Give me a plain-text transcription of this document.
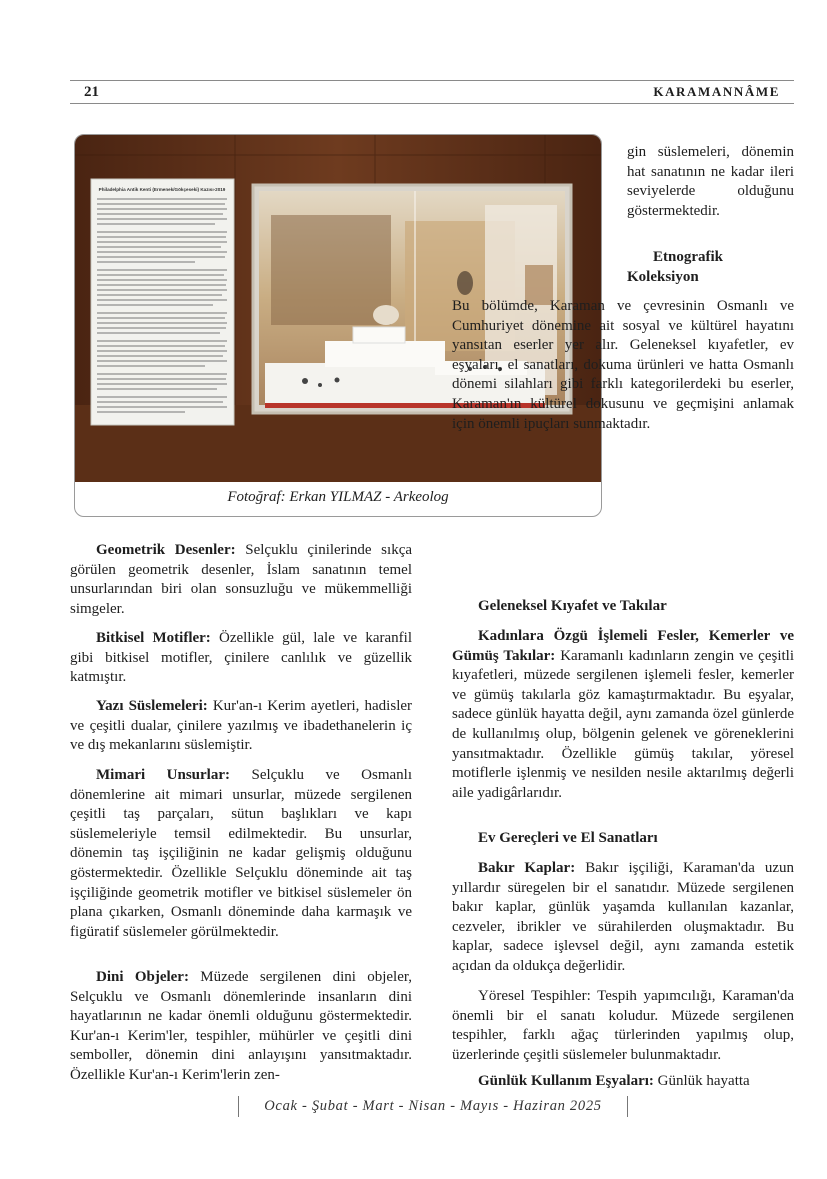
21	KARAMANNÂME
Philadelphia Antik Kenti (Ermenek/Gökçeseki) Kazısı-2019
Fotoğraf: Erkan YILMAZ - Arkeolog

gin süslemeleri, dönemin hat sanatının ne kadar ileri seviyelerde olduğunu göstermektedir.

Etnografik Koleksiyon

Bu bölümde, Karaman ve çevresinin Osmanlı ve Cumhuriyet dönemine ait sosyal ve kültürel hayatını yansıtan eserler yer alır. Geleneksel kıyafetler, ev eşyaları, el sanatları, dokuma ürünleri ve hatta Osmanlı dönemi silahları gibi farklı kategorilerdeki bu eserler, Karaman'ın kültürel dokusunu ve geçmişini anlamak için önemli ipuçları sunmaktadır.

Geometrik Desenler: Selçuklu çinilerinde sıkça görülen geometrik desenler, İslam sanatının temel unsurlarından biri olan sonsuzluğu ve mükemmelliği simgeler.

Bitkisel Motifler: Özellikle gül, lale ve karanfil gibi bitkisel motifler, çinilere canlılık ve güzellik katmıştır.

Yazı Süslemeleri: Kur'an-ı Kerim ayetleri, hadisler ve çeşitli dualar, çinilere yazılmış ve ibadethanelerin iç ve dış mekanlarını süslemiştir.

Mimari Unsurlar: Selçuklu ve Osmanlı dönemlerine ait mimari unsurlar, müzede sergilenen çeşitli taş parçaları, sütun başlıkları ve kapı süslemeleriyle temsil edilmektedir. Bu unsurlar, dönemin taş işçiliğinin ne kadar gelişmiş olduğunu göstermektedir. Özellikle Selçuklu döneminde ait taş işçiliğinde geometrik motifler ve bitkisel süslemeler ön plana çıkarken, Osmanlı döneminde daha karmaşık ve figüratif süslemeler görülmektedir.

Dini Objeler: Müzede sergilenen dini objeler, Selçuklu ve Osmanlı dönemlerinde insanların dini hayatlarının ne kadar önemli olduğunu göstermektedir. Kur'an-ı Kerim'ler, tespihler, mühürler ve çeşitli dini semboller, dönemin dini anlayışını yansıtmaktadır. Özellikle Kur'an-ı Kerim'lerin zen-

Geleneksel Kıyafet ve Takılar

Kadınlara Özgü İşlemeli Fesler, Kemerler ve Gümüş Takılar: Karamanlı kadınların zengin ve çeşitli kıyafetleri, müzede sergilenen işlemeli fesler, kemerler ve gümüş takılarla göz kamaştırmaktadır. Bu eşyalar, sadece günlük hayatta değil, aynı zamanda özel günlerde de kullanılmış olup, bölgenin gelenek ve göreneklerini yansıtmaktadır. Özellikle gümüş takılar, yöresel motiflerle işlenmiş ve nesilden nesile aktarılmış değerli aile yadigârlarıdır.

Ev Gereçleri ve El Sanatları

Bakır Kaplar: Bakır işçiliği, Karaman'da uzun yıllardır süregelen bir el sanatıdır. Müzede sergilenen bakır kaplar, günlük yaşamda kullanılan kazanlar, cezveler, ibrikler ve sürahilerden oluşmaktadır. Bu kaplar, sadece işlevsel değil, aynı zamanda estetik açıdan da oldukça değerlidir.

Yöresel Tespihler: Tespih yapımcılığı, Karaman'da önemli bir el sanatı koludur. Müzede sergilenen tespihler, farklı ağaç türlerinden yapılmış olup, üzerlerinde çeşitli süslemeler bulunmaktadır.

Günlük Kullanım Eşyaları: Günlük hayatta

Ocak - Şubat - Mart - Nisan - Mayıs - Haziran 2025
